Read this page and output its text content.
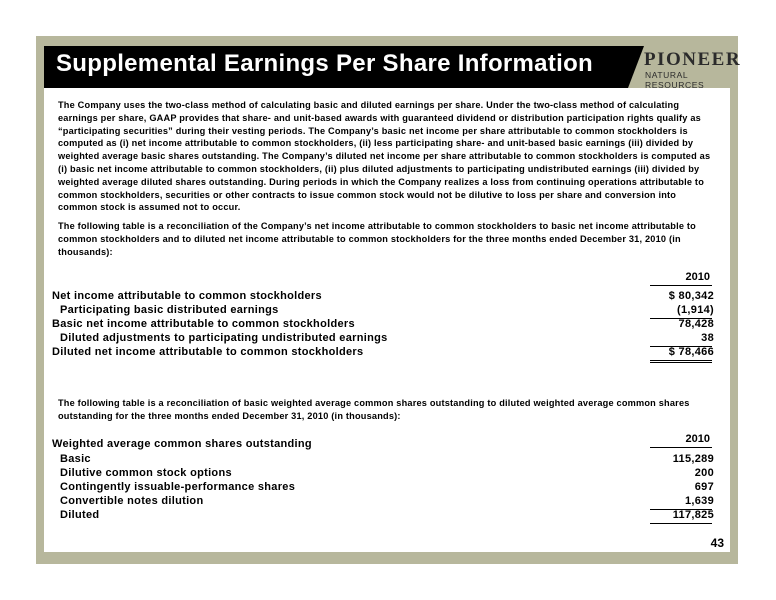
Supplemental Earnings Per Share Information	PIONEER
NATURAL RESOURCES
The Company uses the two-class method of calculating basic and diluted earnings per share. Under the two-class method of calculating earnings per share, GAAP provides that share- and unit-based awards with guaranteed dividend or distribution participation rights qualify as “participating securities” during their vesting periods. The Company’s basic net income per share attributable to common stockholders is computed as (i) net income attributable to common stockholders, (ii) less participating share- and unit-based basic earnings (iii) divided by weighted average basic shares outstanding. The Company’s diluted net income per share attributable to common stockholders is computed as (i) basic net income attributable to common stockholders, (ii) plus diluted adjustments to participating undistributed earnings (iii) divided by weighted average diluted shares outstanding. During periods in which the Company realizes a loss from continuing operations attributable to common stockholders, securities or other contracts to issue common stock would not be dilutive to loss per share and conversion into common stock is assumed not to occur.
The following table is a reconciliation of the Company’s net income attributable to common stockholders to basic net income attributable to common stockholders and to diluted net income attributable to common stockholders for the three months ended December 31, 2010 (in thousands):
2010
Net income attributable to common stockholders	$ 80,342
Participating basic distributed earnings	(1,914)
Basic net income attributable to common stockholders	78,428
Diluted adjustments to participating undistributed earnings	38
Diluted net income attributable to common stockholders	$ 78,466
The following table is a reconciliation of basic weighted average common shares outstanding to diluted weighted average common shares outstanding for the three months ended December 31, 2010 (in thousands):
2010
Weighted average common shares outstanding
Basic	115,289
Dilutive common stock options	200
Contingently issuable-performance shares	697
Convertible notes dilution	1,639
Diluted	117,825
43
